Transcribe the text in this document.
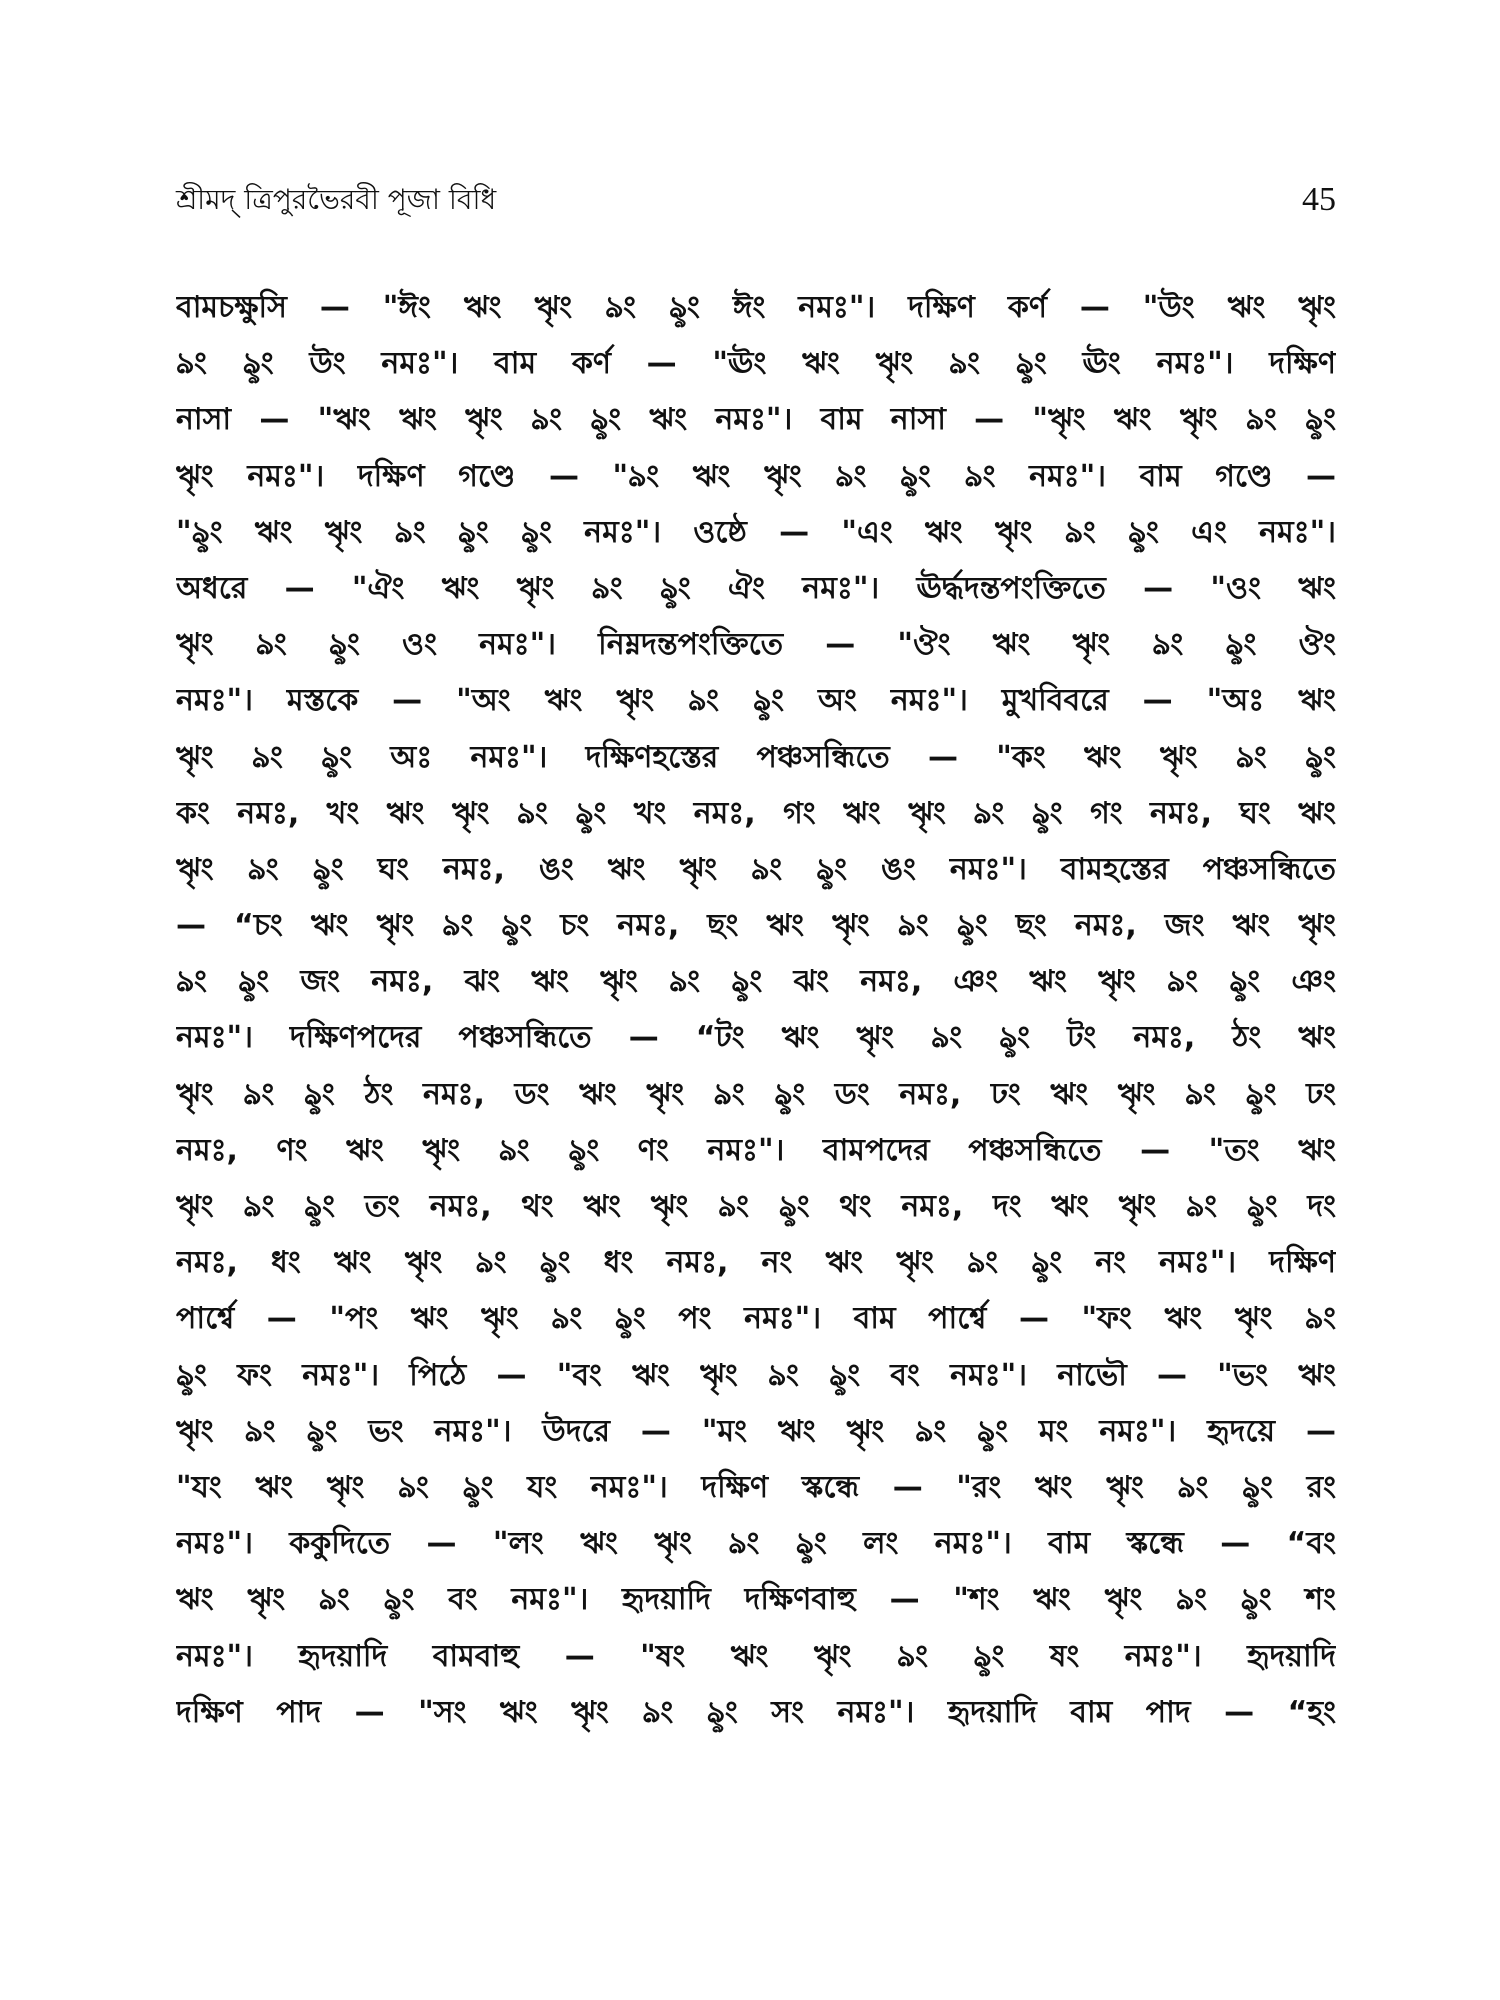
শ্রীমদ্‌ ত্রিপুরভৈরবী পূজা বিধি	45
বামচক্ষুসি — "ঈং ঋং ৠং ঌং ৡং ঈং নমঃ"। দক্ষিণ কর্ণ — "উং ঋং ৠং
ঌং ৡং উং নমঃ"। বাম কর্ণ — "ঊং ঋং ৠং ঌং ৡং ঊং নমঃ"। দক্ষিণ
নাসা — "ঋং ঋং ৠং ঌং ৡং ঋং নমঃ"। বাম নাসা — "ৠং ঋং ৠং ঌং ৡং
ৠং নমঃ"। দক্ষিণ গণ্ডে — "ঌং ঋং ৠং ঌং ৡং ঌং নমঃ"। বাম গণ্ডে —
"ৡং ঋং ৠং ঌং ৡং ৡং নমঃ"। ওষ্ঠে — "এং ঋং ৠং ঌং ৡং এং নমঃ"।
অধরে — "ঐং ঋং ৠং ঌং ৡং ঐং নমঃ"। ঊর্দ্ধদন্তপংক্তিতে — "ওং ঋং
ৠং ঌং ৡং ওং নমঃ"। নিম্নদন্তপংক্তিতে — "ঔং ঋং ৠং ঌং ৡং ঔং
নমঃ"। মস্তকে — "অং ঋং ৠং ঌং ৡং অং নমঃ"। মুখবিবরে — "অঃ ঋং
ৠং ঌং ৡং অঃ নমঃ"। দক্ষিণহস্তের পঞ্চসন্ধিতে — "কং ঋং ৠং ঌং ৡং
কং নমঃ, খং ঋং ৠং ঌং ৡং খং নমঃ, গং ঋং ৠং ঌং ৡং গং নমঃ, ঘং ঋং
ৠং ঌং ৡং ঘং নমঃ, ঙং ঋং ৠং ঌং ৡং ঙং নমঃ"। বামহস্তের পঞ্চসন্ধিতে
— “চং ঋং ৠং ঌং ৡং চং নমঃ, ছং ঋং ৠং ঌং ৡং ছং নমঃ, জং ঋং ৠং
ঌং ৡং জং নমঃ, ঝং ঋং ৠং ঌং ৡং ঝং নমঃ, ঞং ঋং ৠং ঌং ৡং ঞং
নমঃ"। দক্ষিণপদের পঞ্চসন্ধিতে — “টং ঋং ৠং ঌং ৡং টং নমঃ, ঠং ঋং
ৠং ঌং ৡং ঠং নমঃ, ডং ঋং ৠং ঌং ৡং ডং নমঃ, ঢং ঋং ৠং ঌং ৡং ঢং
নমঃ, ণং ঋং ৠং ঌং ৡং ণং নমঃ"। বামপদের পঞ্চসন্ধিতে — "তং ঋং
ৠং ঌং ৡং তং নমঃ, থং ঋং ৠং ঌং ৡং থং নমঃ, দং ঋং ৠং ঌং ৡং দং
নমঃ, ধং ঋং ৠং ঌং ৡং ধং নমঃ, নং ঋং ৠং ঌং ৡং নং নমঃ"। দক্ষিণ
পার্শ্বে — "পং ঋং ৠং ঌং ৡং পং নমঃ"। বাম পার্শ্বে — "ফং ঋং ৠং ঌং
ৡং ফং নমঃ"। পিঠে — "বং ঋং ৠং ঌং ৡং বং নমঃ"। নাভৌ — "ভং ঋং
ৠং ঌং ৡং ভং নমঃ"। উদরে — "মং ঋং ৠং ঌং ৡং মং নমঃ"। হৃদয়ে —
"যং ঋং ৠং ঌং ৡং যং নমঃ"। দক্ষিণ স্কন্ধে — "রং ঋং ৠং ঌং ৡং রং
নমঃ"। ককুদিতে — "লং ঋং ৠং ঌং ৡং লং নমঃ"। বাম স্কন্ধে — “বং
ঋং ৠং ঌং ৡং বং নমঃ"। হৃদয়াদি দক্ষিণবাহু — "শং ঋং ৠং ঌং ৡং শং
নমঃ"। হৃদয়াদি বামবাহু — "ষং ঋং ৠং ঌং ৡং ষং নমঃ"। হৃদয়াদি
দক্ষিণ পাদ — "সং ঋং ৠং ঌং ৡং সং নমঃ"। হৃদয়াদি বাম পাদ — “হং
